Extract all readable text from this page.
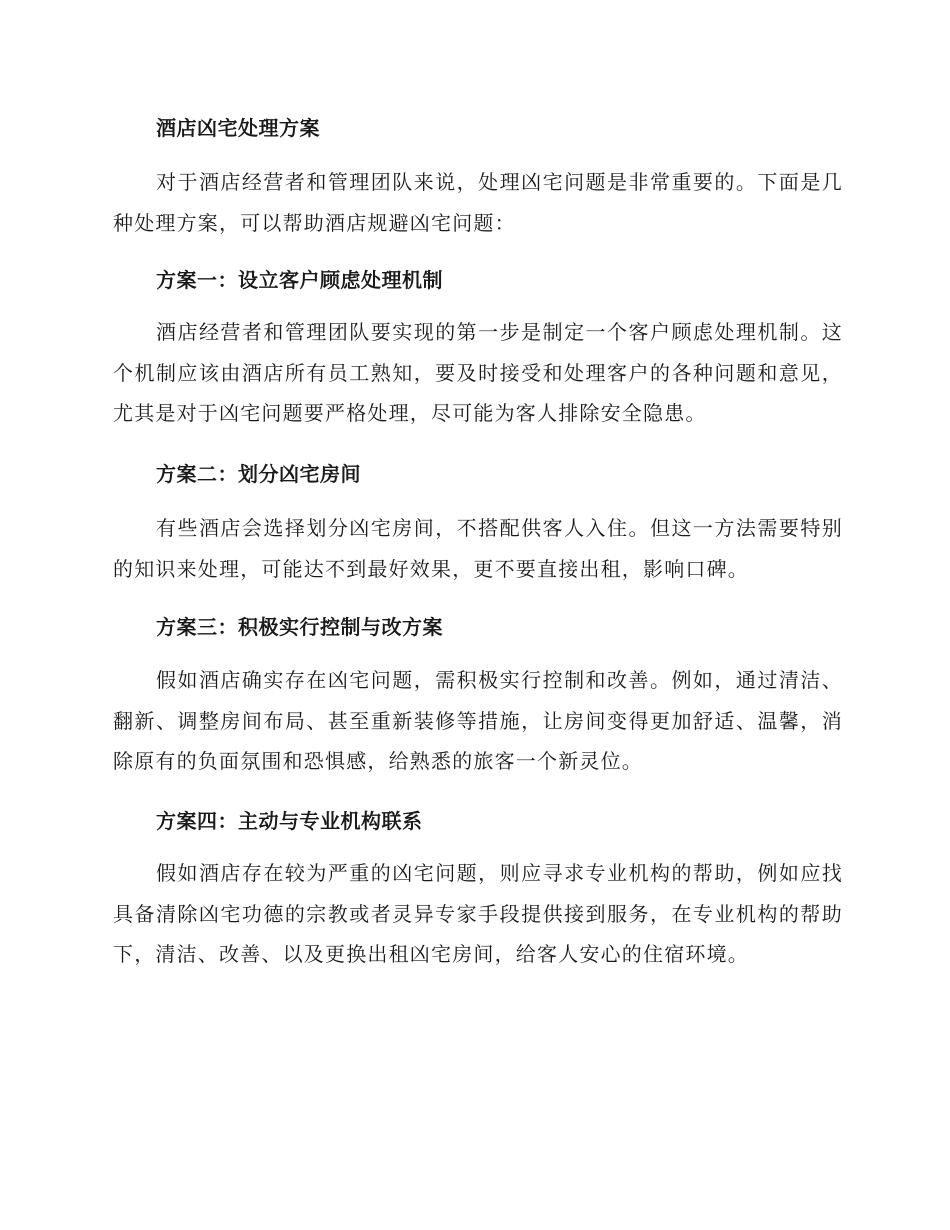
酒店凶宅处理方案

对于酒店经营者和管理团队来说，处理凶宅问题是非常重要的。下面是几种处理方案，可以帮助酒店规避凶宅问题：

方案一：设立客户顾虑处理机制

酒店经营者和管理团队要实现的第一步是制定一个客户顾虑处理机制。这个机制应该由酒店所有员工熟知，要及时接受和处理客户的各种问题和意见，尤其是对于凶宅问题要严格处理，尽可能为客人排除安全隐患。

方案二：划分凶宅房间

有些酒店会选择划分凶宅房间，不搭配供客人入住。但这一方法需要特别的知识来处理，可能达不到最好效果，更不要直接出租，影响口碑。

方案三：积极实行控制与改方案

假如酒店确实存在凶宅问题，需积极实行控制和改善。例如，通过清洁、翻新、调整房间布局、甚至重新装修等措施，让房间变得更加舒适、温馨，消除原有的负面氛围和恐惧感，给熟悉的旅客一个新灵位。

方案四：主动与专业机构联系

假如酒店存在较为严重的凶宅问题，则应寻求专业机构的帮助，例如应找具备清除凶宅功德的宗教或者灵异专家手段提供接到服务，在专业机构的帮助下，清洁、改善、以及更换出租凶宅房间，给客人安心的住宿环境。
